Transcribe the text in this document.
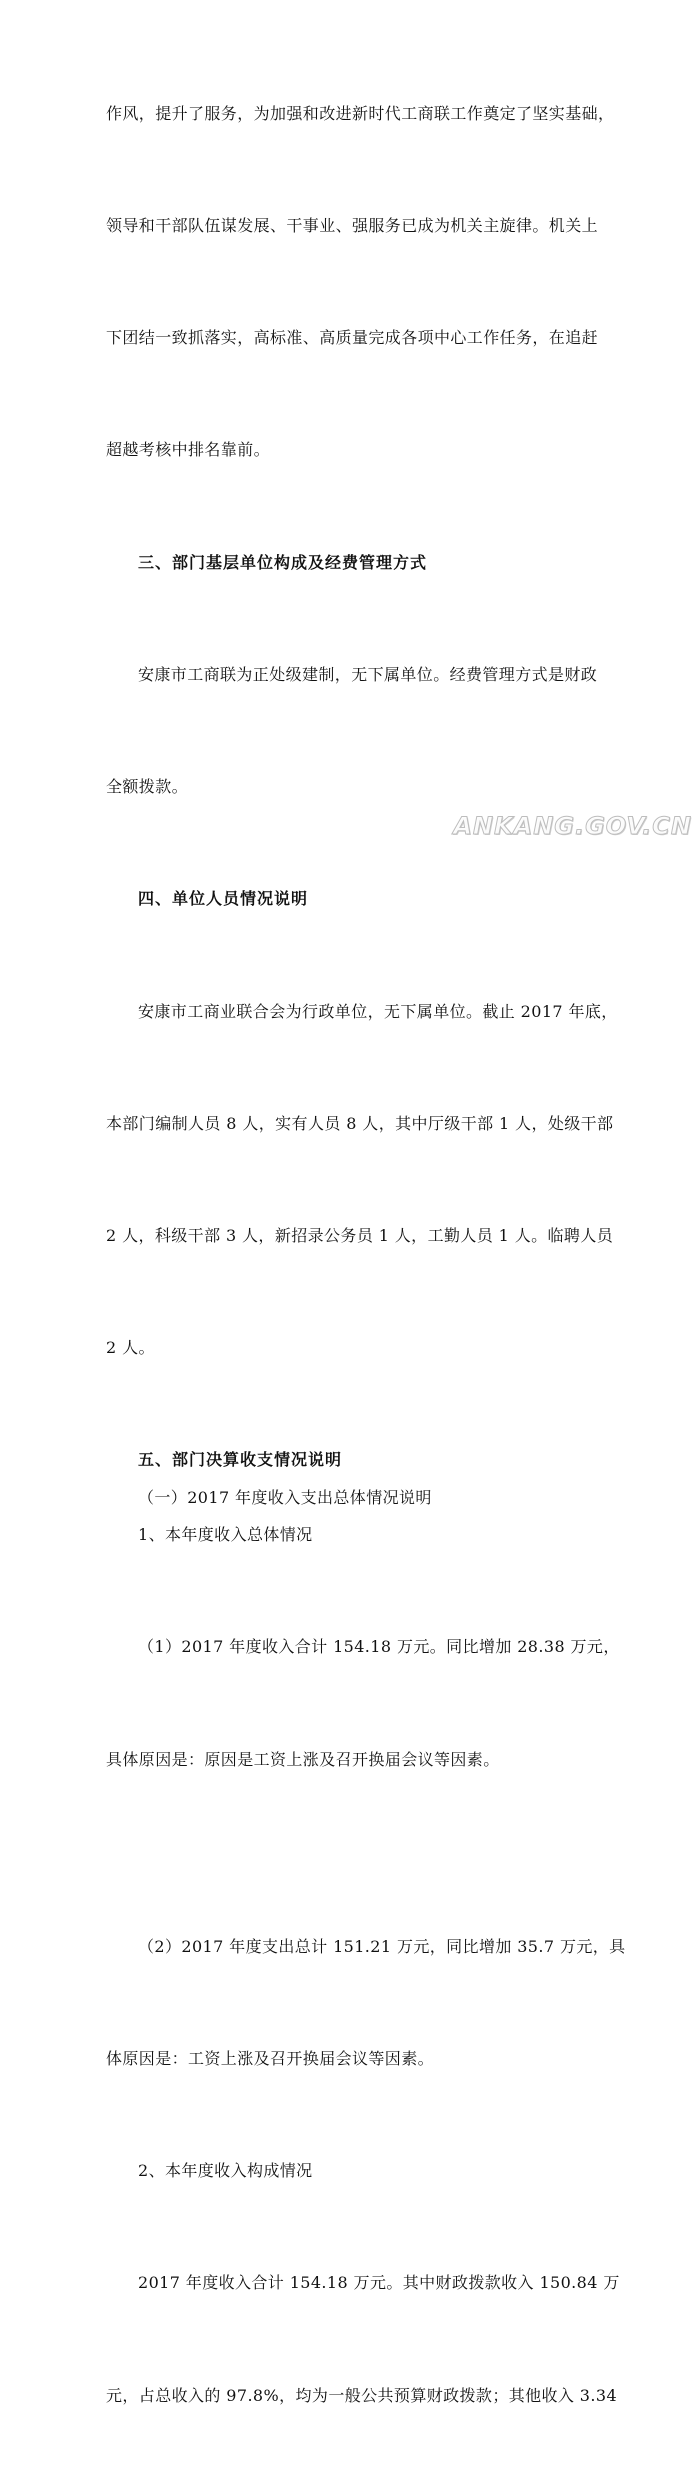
作风，提升了服务，为加强和改进新时代工商联工作奠定了坚实基础，

领导和干部队伍谋发展、干事业、强服务已成为机关主旋律。机关上

下团结一致抓落实，高标准、高质量完成各项中心工作任务，在追赶

超越考核中排名靠前。

三、部门基层单位构成及经费管理方式

安康市工商联为正处级建制，无下属单位。经费管理方式是财政

全额拨款。

四、单位人员情况说明

安康市工商业联合会为行政单位，无下属单位。截止 2017 年底，

本部门编制人员 8 人，实有人员 8 人，其中厅级干部 1 人，处级干部

2 人，科级干部 3 人，新招录公务员 1 人，工勤人员 1 人。临聘人员

2 人。

五、部门决算收支情况说明
（一）2017 年度收入支出总体情况说明
1、本年度收入总体情况

（1）2017 年度收入合计 154.18 万元。同比增加 28.38 万元，

具体原因是：原因是工资上涨及召开换届会议等因素。

（2）2017 年度支出总计 151.21 万元，同比增加 35.7 万元，具

体原因是：工资上涨及召开换届会议等因素。

2、本年度收入构成情况

2017 年度收入合计 154.18 万元。其中财政拨款收入 150.84 万

元，占总收入的 97.8%，均为一般公共预算财政拨款；其他收入 3.34

ANKANG.GOV.CN
